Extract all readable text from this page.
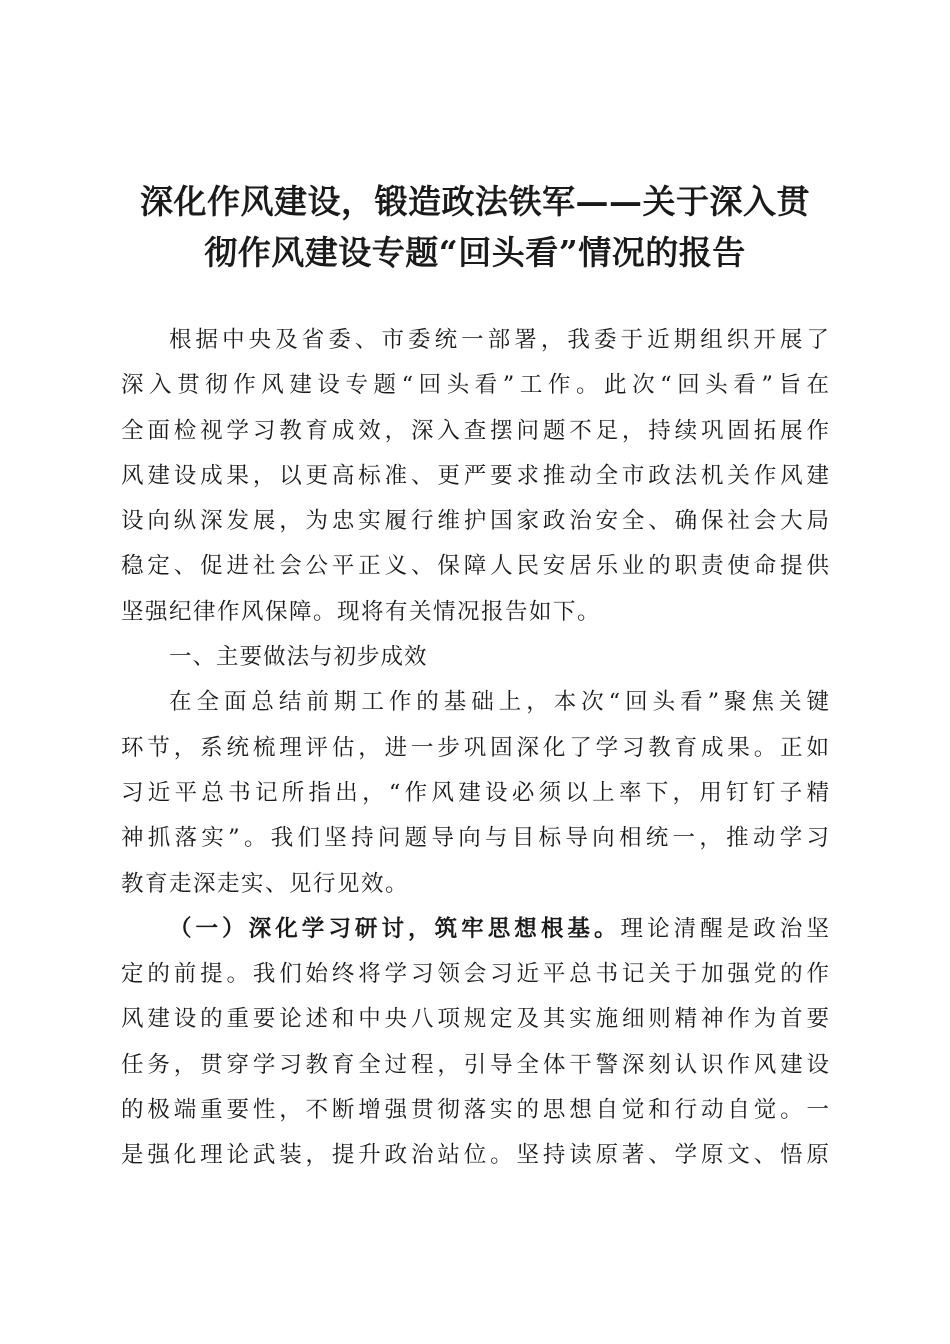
深化作风建设，锻造政法铁军——关于深入贯
彻作风建设专题“回头看”情况的报告
根据中央及省委、市委统一部署，我委于近期组织开展了
深入贯彻作风建设专题“回头看”工作。此次“回头看”旨在
全面检视学习教育成效，深入查摆问题不足，持续巩固拓展作
风建设成果，以更高标准、更严要求推动全市政法机关作风建
设向纵深发展，为忠实履行维护国家政治安全、确保社会大局
稳定、促进社会公平正义、保障人民安居乐业的职责使命提供
坚强纪律作风保障。现将有关情况报告如下。
一、主要做法与初步成效
在全面总结前期工作的基础上，本次“回头看”聚焦关键
环节，系统梳理评估，进一步巩固深化了学习教育成果。正如
习近平总书记所指出，“作风建设必须以上率下，用钉钉子精
神抓落实”。我们坚持问题导向与目标导向相统一，推动学习
教育走深走实、见行见效。
（一）深化学习研讨，筑牢思想根基。理论清醒是政治坚
定的前提。我们始终将学习领会习近平总书记关于加强党的作
风建设的重要论述和中央八项规定及其实施细则精神作为首要
任务，贯穿学习教育全过程，引导全体干警深刻认识作风建设
的极端重要性，不断增强贯彻落实的思想自觉和行动自觉。一
是强化理论武装，提升政治站位。坚持读原著、学原文、悟原
